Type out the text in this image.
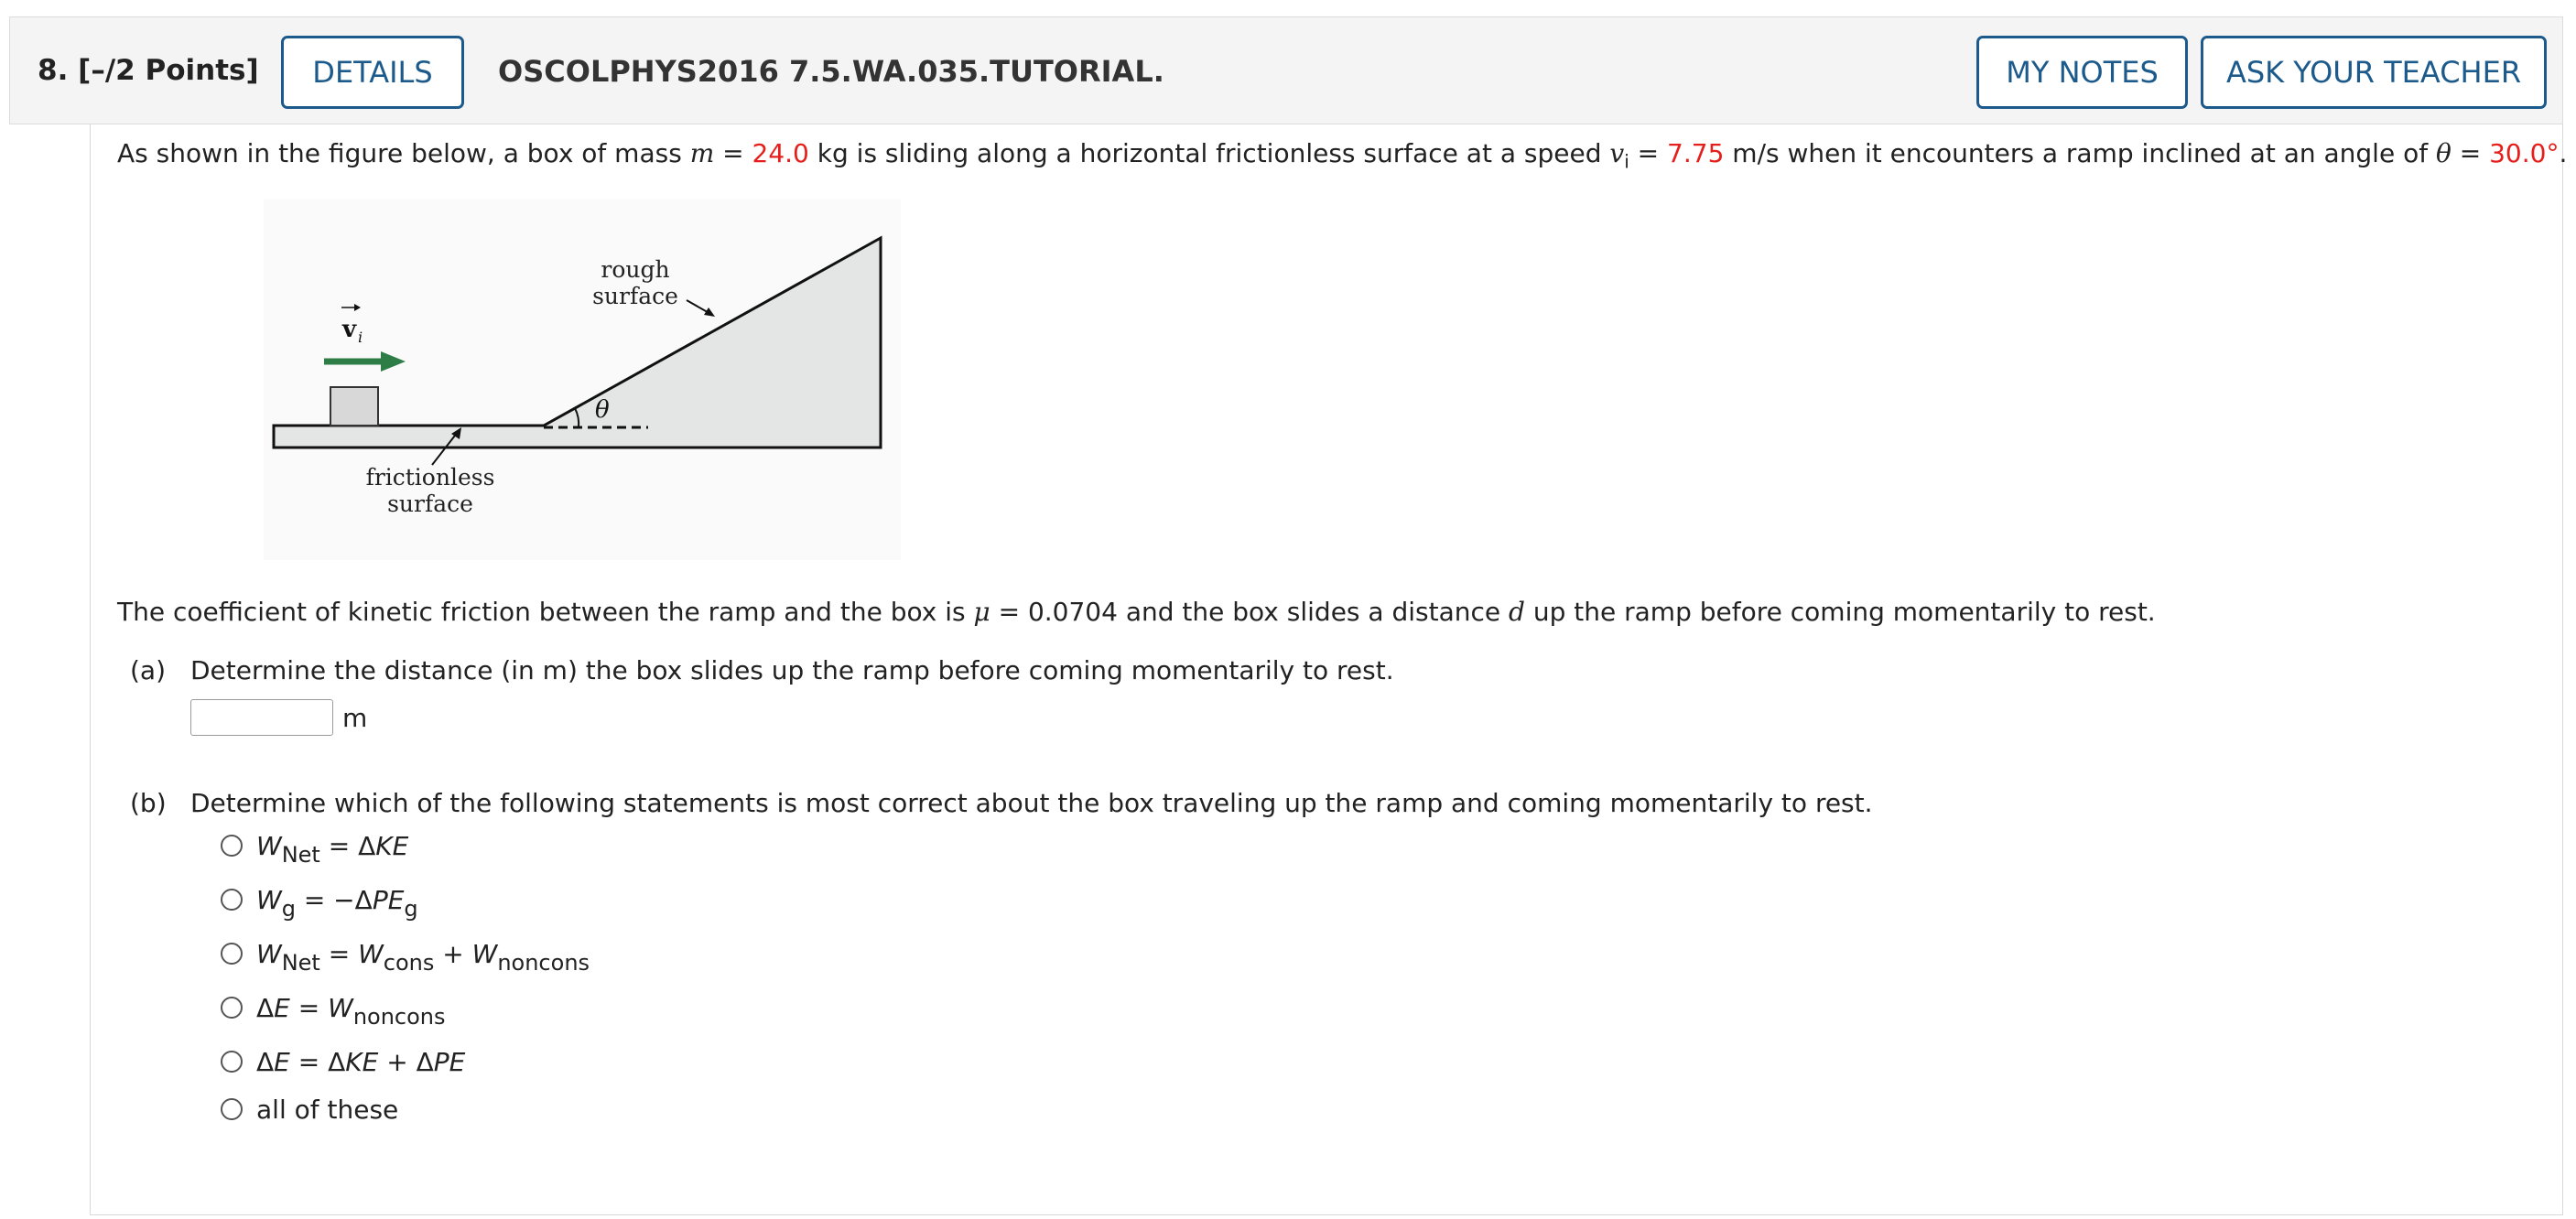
8. [–/2 Points]	DETAILS	OSCOLPHYS2016 7.5.WA.035.TUTORIAL.	MY NOTES	ASK YOUR TEACHER
As shown in the figure below, a box of mass m = 24.0 kg is sliding along a horizontal frictionless surface at a speed $v_i = 7.75$ m/s when it encounters a ramp inclined at an angle of θ = 30.0°.
θ
v i
rough
surface
frictionless
surface
The coefficient of kinetic friction between the ramp and the box is μ = 0.0704 and the box slides a distance d up the ramp before coming momentarily to rest.
(a) Determine the distance (in m) the box slides up the ramp before coming momentarily to rest.
m
(b) Determine which of the following statements is most correct about the box traveling up the ramp and coming momentarily to rest.
$W_{Net} = \Delta KE$
$W_g = -\Delta PE_g$
$W_{Net} = W_{cons} + W_{noncons}$
$\Delta E = W_{noncons}$
ΔE = ΔKE + ΔPE
all of these
